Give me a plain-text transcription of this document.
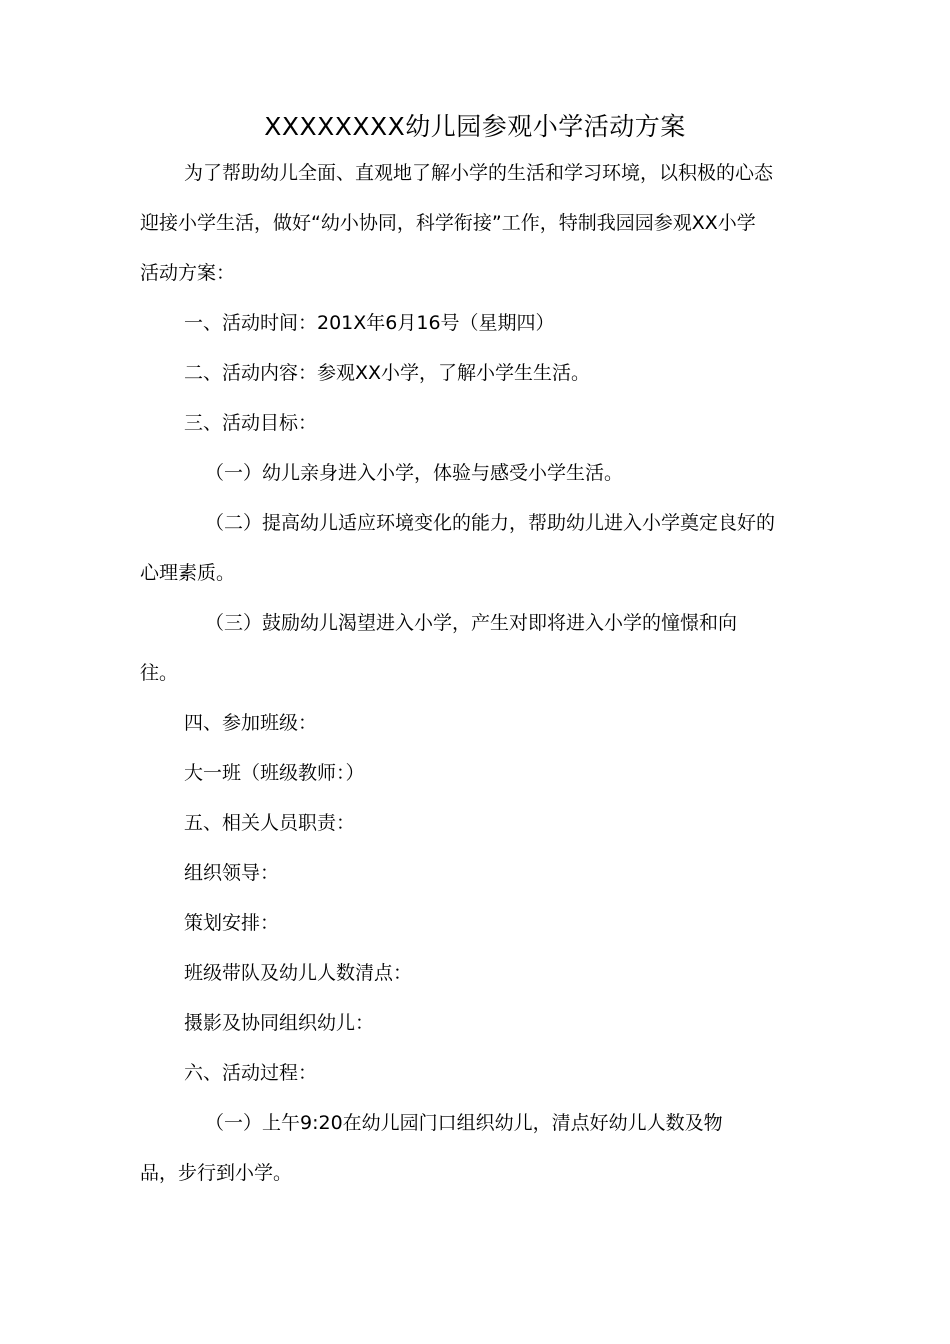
XXXXXXXX幼儿园参观小学活动方案
为了帮助幼儿全面、直观地了解小学的生活和学习环境，以积极的心态
迎接小学生活，做好“幼小协同，科学衔接”工作，特制我园园参观XX小学
活动方案：
一、活动时间：201X年6月16号（星期四）
二、活动内容：参观XX小学，了解小学生生活。
三、活动目标：
（一）幼儿亲身进入小学，体验与感受小学生活。
（二）提高幼儿适应环境变化的能力，帮助幼儿进入小学奠定良好的
心理素质。
（三）鼓励幼儿渴望进入小学，产生对即将进入小学的憧憬和向
往。
四、参加班级：
大一班（班级教师：）
五、相关人员职责：
组织领导：
策划安排：
班级带队及幼儿人数清点：
摄影及协同组织幼儿：
六、活动过程：
（一）上午9:20在幼儿园门口组织幼儿，清点好幼儿人数及物
品，步行到小学。
